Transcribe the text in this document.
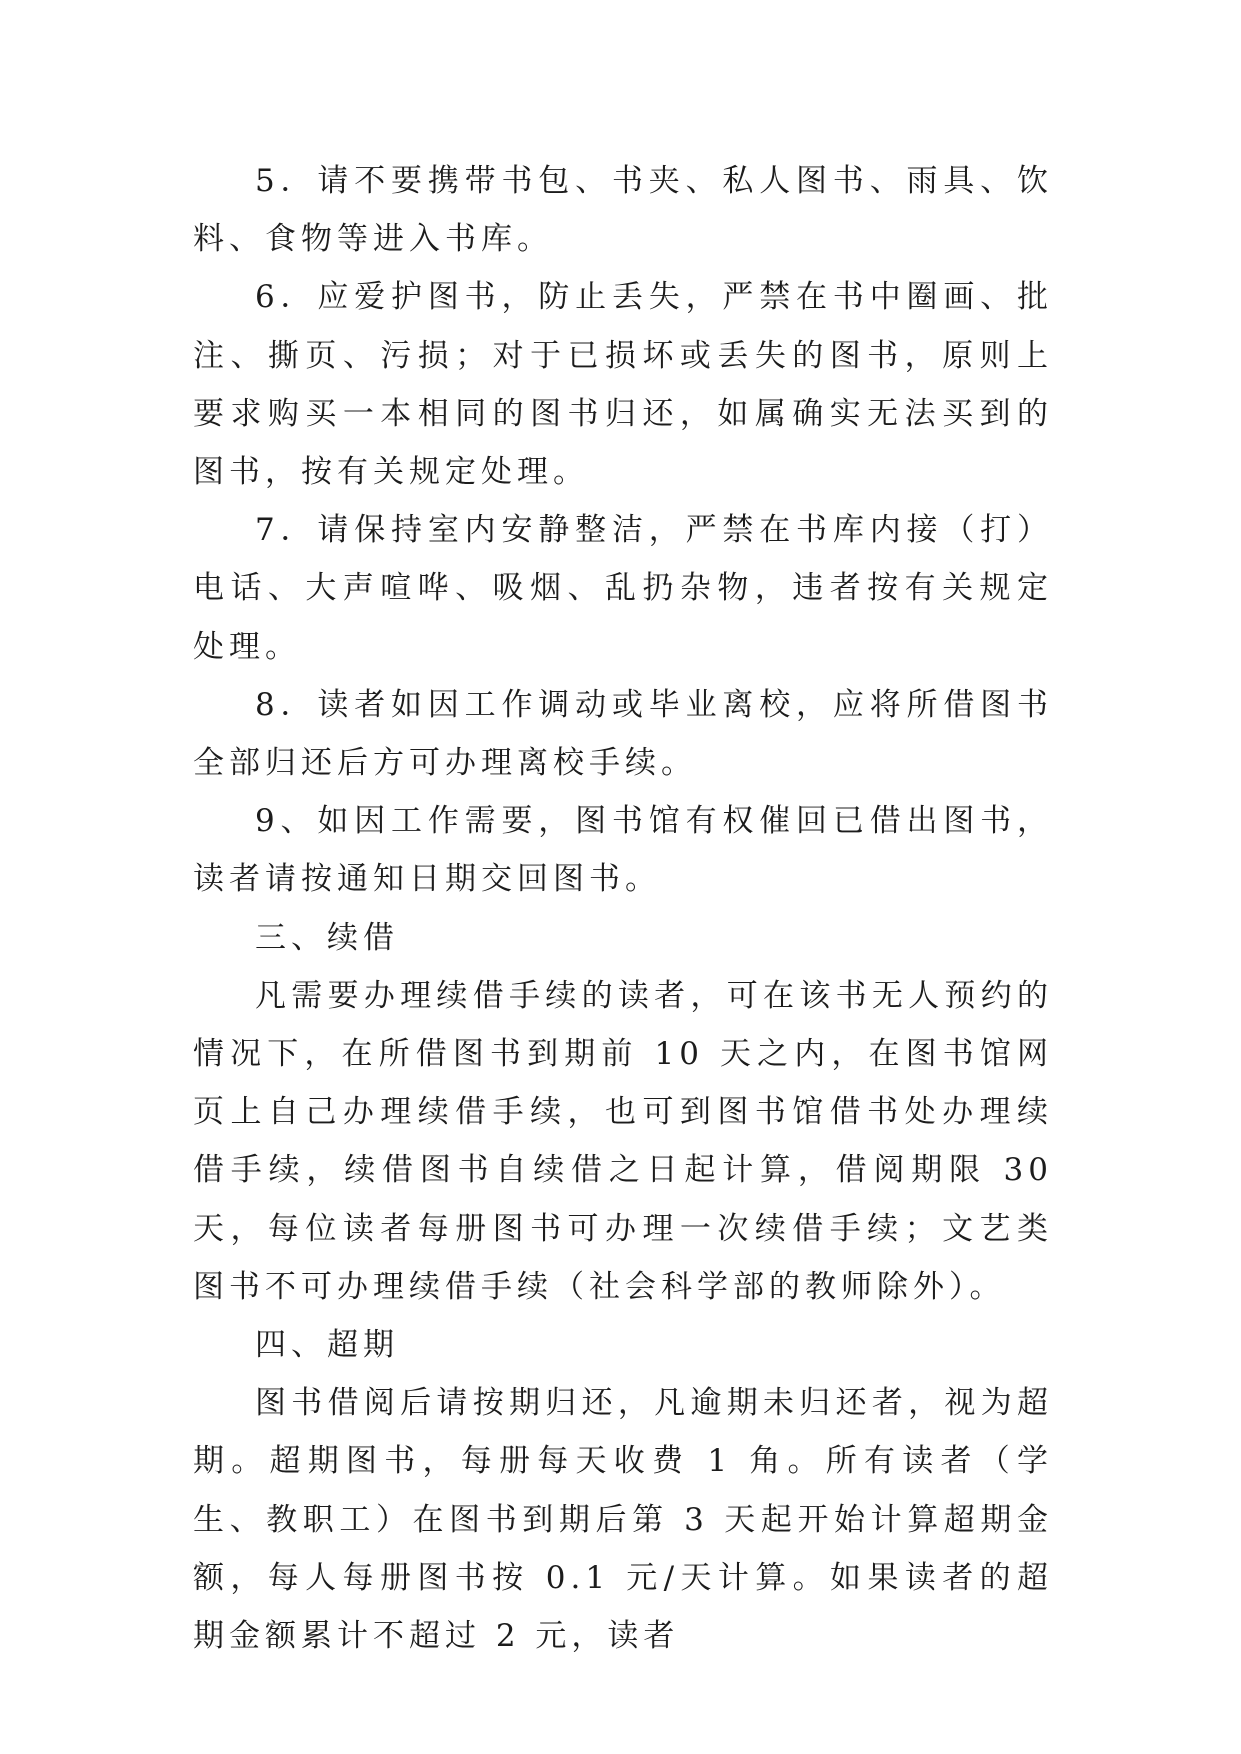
5．请不要携带书包、书夹、私人图书、雨具、饮料、食物等进入书库。

6．应爱护图书，防止丢失，严禁在书中圈画、批注、撕页、污损；对于已损坏或丢失的图书，原则上要求购买一本相同的图书归还，如属确实无法买到的图书，按有关规定处理。

7．请保持室内安静整洁，严禁在书库内接（打）电话、大声喧哗、吸烟、乱扔杂物，违者按有关规定处理。

8．读者如因工作调动或毕业离校，应将所借图书全部归还后方可办理离校手续。

9、如因工作需要，图书馆有权催回已借出图书，读者请按通知日期交回图书。

三、续借

凡需要办理续借手续的读者，可在该书无人预约的情况下，在所借图书到期前 10 天之内，在图书馆网页上自己办理续借手续，也可到图书馆借书处办理续借手续，续借图书自续借之日起计算，借阅期限 30 天，每位读者每册图书可办理一次续借手续；文艺类图书不可办理续借手续（社会科学部的教师除外）。

四、超期

图书借阅后请按期归还，凡逾期未归还者，视为超期。超期图书，每册每天收费 1 角。所有读者（学生、教职工）在图书到期后第 3 天起开始计算超期金额，每人每册图书按 0.1 元/天计算。如果读者的超期金额累计不超过 2 元，读者
